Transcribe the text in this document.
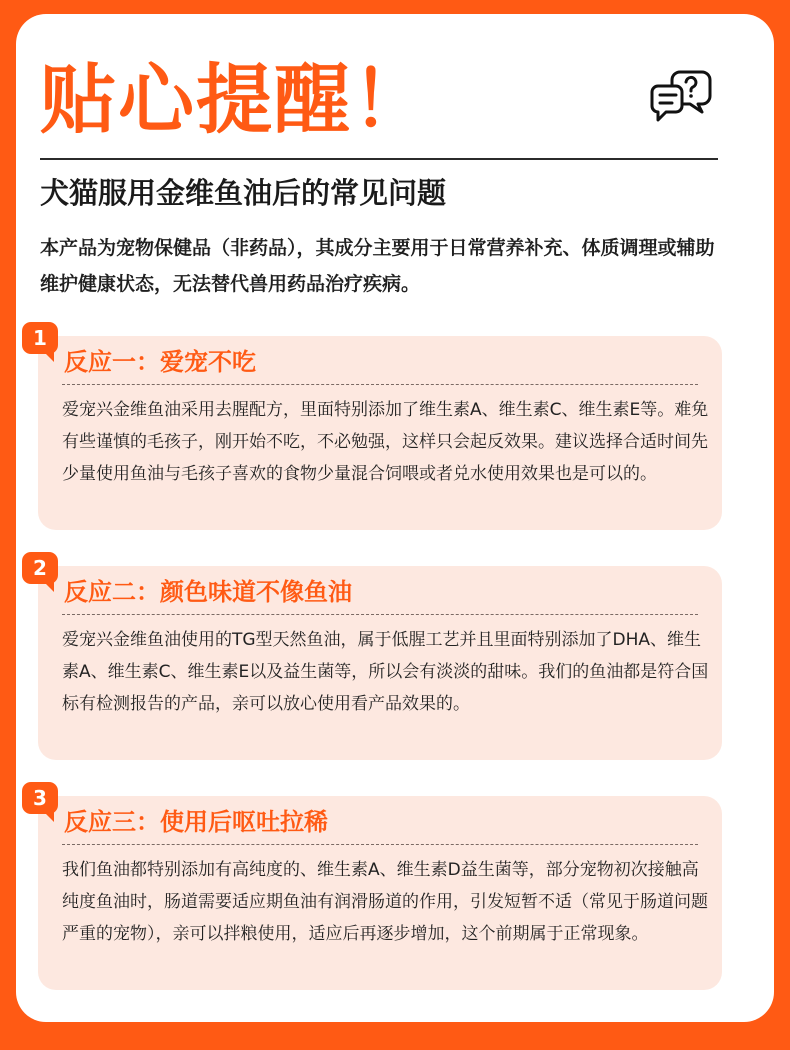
贴心提醒！
犬猫服用金维鱼油后的常见问题
本产品为宠物保健品（非药品），其成分主要用于日常营养补充、体质调理或辅助维护健康状态，无法替代兽用药品治疗疾病。
1
反应一：爱宠不吃
爱宠兴金维鱼油采用去腥配方，里面特别添加了维生素A、维生素C、维生素E等。难免有些谨慎的毛孩子，刚开始不吃，不必勉强，这样只会起反效果。建议选择合适时间先少量使用鱼油与毛孩子喜欢的食物少量混合饲喂或者兑水使用效果也是可以的。
2
反应二：颜色味道不像鱼油
爱宠兴金维鱼油使用的TG型天然鱼油，属于低腥工艺并且里面特别添加了DHA、维生素A、维生素C、维生素E以及益生菌等，所以会有淡淡的甜味。我们的鱼油都是符合国标有检测报告的产品，亲可以放心使用看产品效果的。
3
反应三：使用后呕吐拉稀
我们鱼油都特别添加有高纯度的、维生素A、维生素D益生菌等，部分宠物初次接触高纯度鱼油时，肠道需要适应期鱼油有润滑肠道的作用，引发短暂不适（常见于肠道问题严重的宠物），亲可以拌粮使用，适应后再逐步增加，这个前期属于正常现象。
